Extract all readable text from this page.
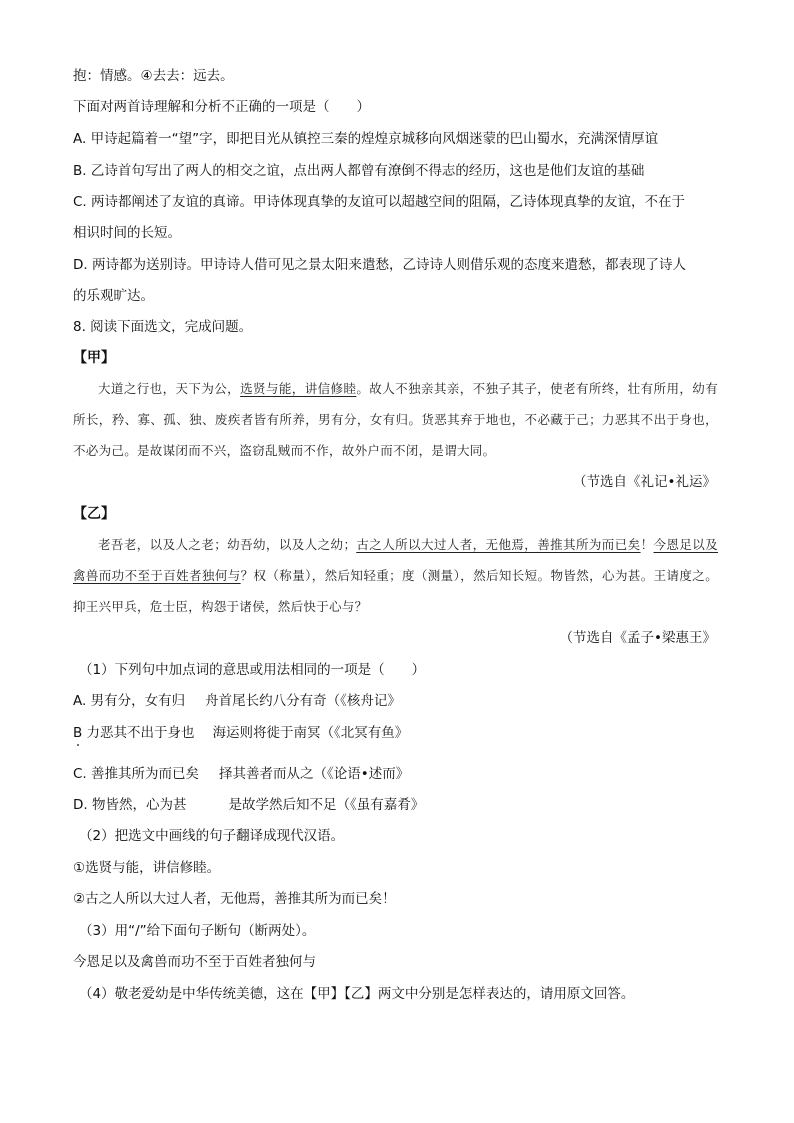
抱：情感。④去去：远去。
下面对两首诗理解和分析不正确的一项是（　　）
A. 甲诗起篇着一“望”字，即把目光从镇控三秦的煌煌京城移向风烟迷蒙的巴山蜀水，充满深情厚谊
B. 乙诗首句写出了两人的相交之谊，点出两人都曾有潦倒不得志的经历，这也是他们友谊的基础
C. 两诗都阐述了友谊的真谛。甲诗体现真挚的友谊可以超越空间的阻隔，乙诗体现真挚的友谊，不在于
相识时间的长短。
D. 两诗都为送别诗。甲诗诗人借可见之景太阳来遣愁，乙诗诗人则借乐观的态度来遣愁，都表现了诗人
的乐观旷达。
8. 阅读下面选文，完成问题。
【甲】
大道之行也，天下为公，选贤与能，讲信修睦。故人不独亲其亲，不独子其子，使老有所终，壮有所用，幼有所长，矜、寡、孤、独、废疾者皆有所养，男有分，女有归。货恶其弃于地也，不必藏于己；力恶其不出于身也，不必为己。是故谋闭而不兴，盗窃乱贼而不作，故外户而不闭，是谓大同。
（节选自《礼记•礼运》
【乙】
老吾老，以及人之老；幼吾幼，以及人之幼；古之人所以大过人者，无他焉，善推其所为而已矣！今恩足以及禽兽而功不至于百姓者独何与？权（称量），然后知轻重；度（测量），然后知长短。物皆然，心为甚。王请度之。抑王兴甲兵，危士臣，构怨于诸侯，然后快于心与？
（节选自《孟子•梁惠王》
（1）下列句中加点词的意思或用法相同的一项是（　　）
A. 男有分，女有归 舟首尾长约八分有奇（《核舟记》
B 力恶其不出于身也 海运则将徙于南冥（《北冥有鱼》
C. 善推其所为而已矣 择其善者而从之（《论语•述而》
D. 物皆然，心为甚	是故学然后知不足（《虽有嘉肴》
（2）把选文中画线的句子翻译成现代汉语。
①选贤与能，讲信修睦。
②古之人所以大过人者，无他焉，善推其所为而已矣！
（3）用“/”给下面句子断句（断两处）。
今恩足以及禽兽而功不至于百姓者独何与
（4）敬老爱幼是中华传统美德，这在【甲】【乙】两文中分别是怎样表达的，请用原文回答。
